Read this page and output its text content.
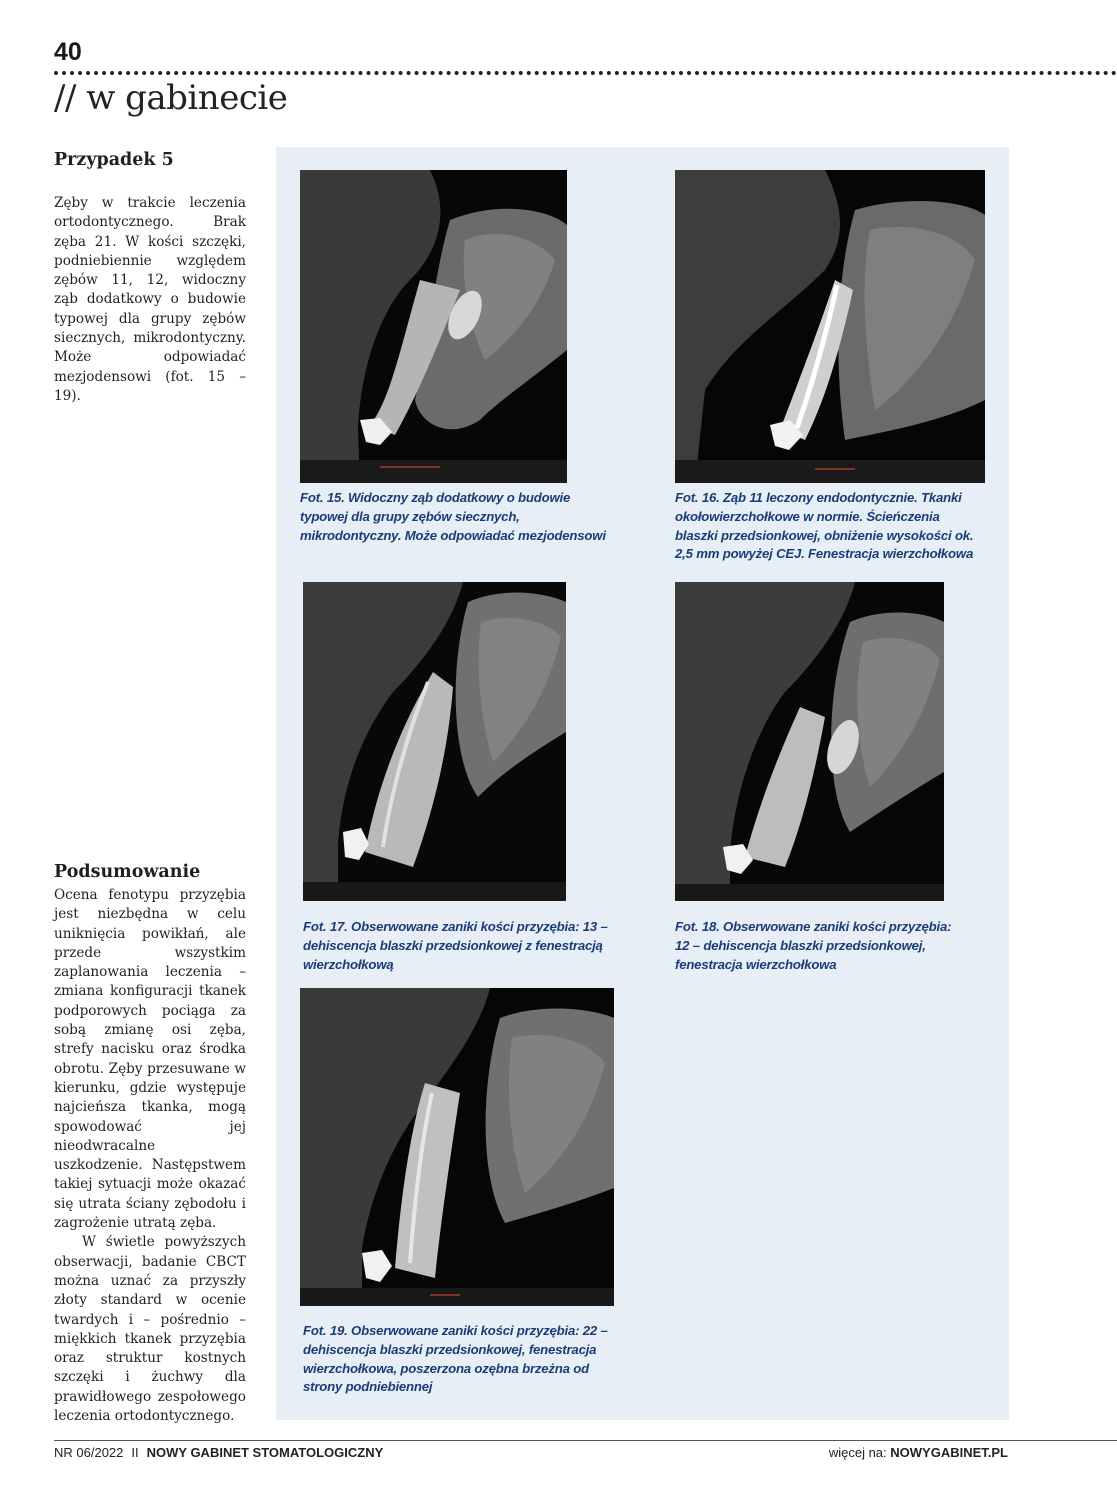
40
// w gabinecie
Przypadek 5
Zęby w trakcie leczenia ortodontycznego. Brak zęba 21. W kości szczęki, podniebiennie względem zębów 11, 12, widoczny ząb dodatkowy o budowie typowej dla grupy zębów siecznych, mikrodontyczny. Może odpowiadać mezjodensowi (fot. 15 – 19).
Podsumowanie

Ocena fenotypu przyzębia jest niezbędna w celu uniknięcia powikłań, ale przede wszystkim zaplanowania leczenia – zmiana konfiguracji tkanek podporowych pociąga za sobą zmianę osi zęba, strefy nacisku oraz środka obrotu. Zęby przesuwane w kierunku, gdzie występuje najcieńsza tkanka, mogą spowodować jej nieodwracalne uszkodzenie. Następstwem takiej sytuacji może okazać się utrata ściany zębodołu i zagrożenie utratą zęba.

W świetle powyższych obserwacji, badanie CBCT można uznać za przyszły złoty standard w ocenie twardych i – pośrednio – miękkich tkanek przyzębia oraz struktur kostnych szczęki i żuchwy dla prawidłowego zespołowego leczenia ortodontycznego.

Fot. 15. Widoczny ząb dodatkowy o budowie typowej dla grupy zębów siecznych, mikrodontyczny. Może odpowiadać mezjodensowi
Fot. 16. Ząb 11 leczony endodontycznie. Tkanki okołowierzchołkowe w normie. Ścieńczenia blaszki przedsionkowej, obniżenie wysokości ok. 2,5 mm powyżej CEJ. Fenestracja wierzchołkowa
Fot. 17. Obserwowane zaniki kości przyzębia: 13 – dehiscencja blaszki przedsionkowej z fenestracją wierzchołkową
Fot. 18. Obserwowane zaniki kości przyzębia: 12 – dehiscencja blaszki przedsionkowej, fenestracja wierzchołkowa
Fot. 19. Obserwowane zaniki kości przyzębia: 22 – dehiscencja blaszki przedsionkowej, fenestracja wierzchołkowa, poszerzona ozębna brzeżna od strony podniebiennej
NR 06/2022 II NOWY GABINET STOMATOLOGICZNY	więcej na: NOWYGABINET.PL
